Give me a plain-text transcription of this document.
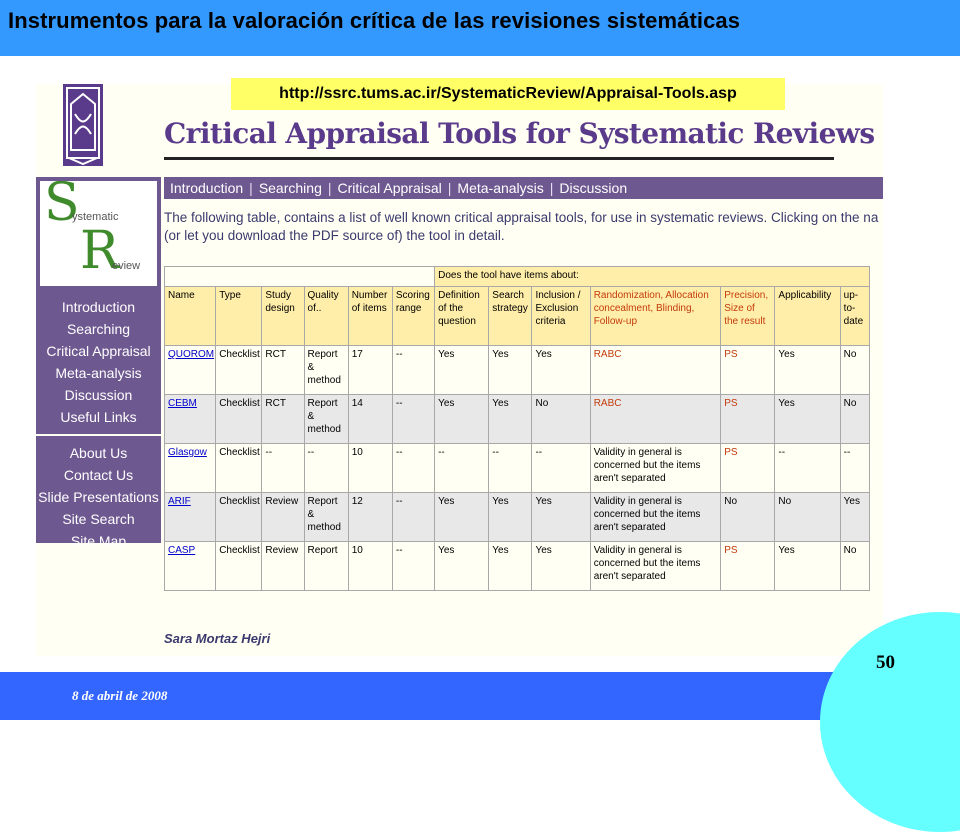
Instrumentos para la valoración crítica de las revisiones sistemáticas
Critical Appraisal Tools for Systematic Reviews
S
ystematic
R
eview
Introduction
Searching
Critical Appraisal
Meta-analysis
Discussion
Useful Links
About Us
Contact Us
Slide Presentations
Site Search
Site Map
Introduction | Searching | Critical Appraisal | Meta-analysis | Discussion
The following table, contains a list of well known critical appraisal tools, for use in systematic reviews. Clicking on the na
(or let you download the PDF source of) the tool in detail.
						Does the tool have items about:						
Name	Type	Study design	Quality of..	Number of items	Scoring range	Definition of the question	Search strategy	Inclusion / Exclusion criteria	Randomization, Allocation concealment, Blinding, Follow-up	Precision, Size of the result	Applicability	up-to-date
QUOROM	Checklist	RCT	Report & method	17	--	Yes	Yes	Yes	RABC	PS	Yes	No
CEBM	Checklist	RCT	Report & method	14	--	Yes	Yes	No	RABC	PS	Yes	No
Glasgow	Checklist	--	--	10	--	--	--	--	Validity in general is concerned but the items aren't separated	PS	--	--
ARIF	Checklist	Review	Report & method	12	--	Yes	Yes	Yes	Validity in general is concerned but the items aren't separated	No	No	Yes
CASP	Checklist	Review	Report	10	--	Yes	Yes	Yes	Validity in general is concerned but the items aren't separated	PS	Yes	No
Sara Mortaz Hejri
http://ssrc.tums.ac.ir/SystematicReview/Appraisal-Tools.asp
8 de abril de 2008
50
